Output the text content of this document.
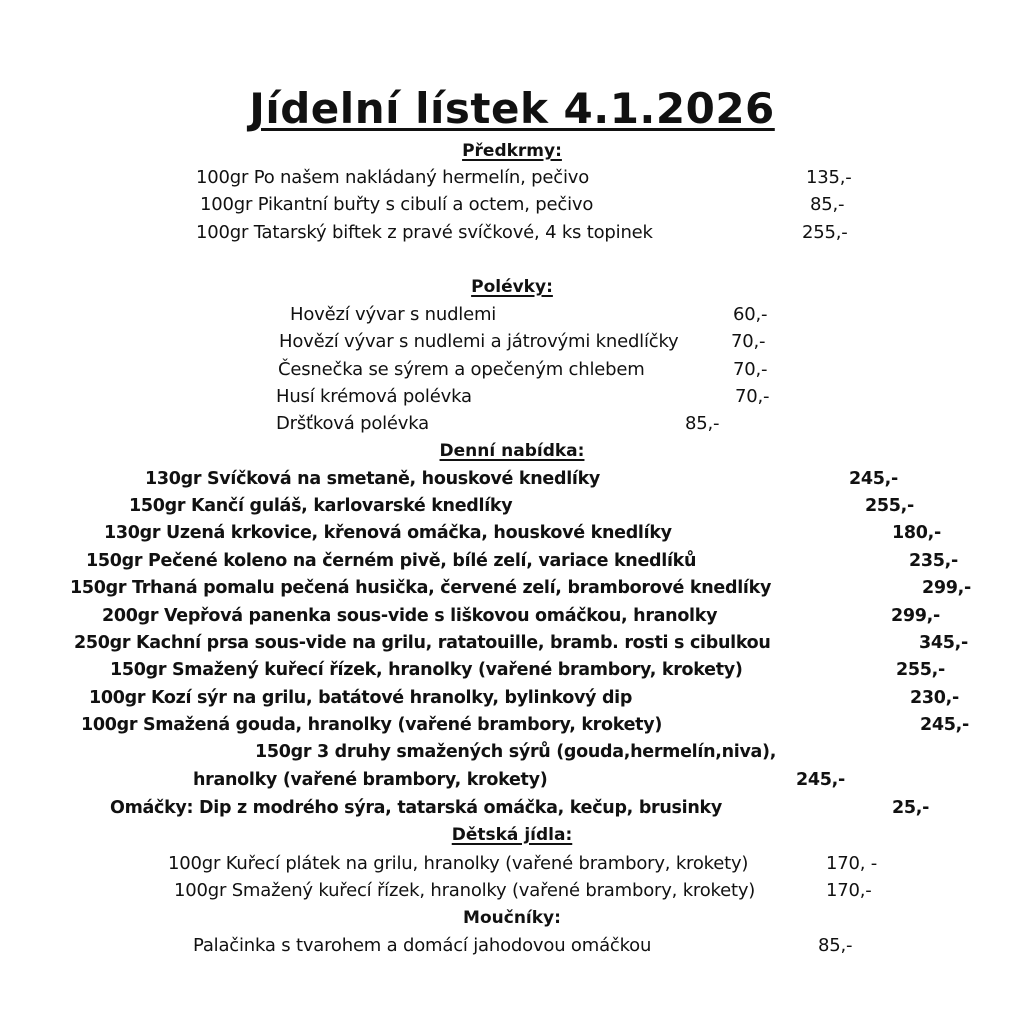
Jídelní lístek 4.1.2026
Předkrmy:
100gr Po našem nakládaný hermelín, pečivo	135,-
100gr Pikantní buřty s cibulí a octem, pečivo	85,-
100gr Tatarský biftek z pravé svíčkové, 4 ks topinek	255,-
Polévky:
Hovězí vývar s nudlemi	60,-
Hovězí vývar s nudlemi a játrovými knedlíčky	70,-
Česnečka se sýrem a opečeným chlebem	70,-
Husí krémová polévka	70,-
Dršťková polévka	85,-
Denní nabídka:
130gr Svíčková na smetaně, houskové knedlíky	245,-
150gr Kančí guláš, karlovarské knedlíky	255,-
130gr Uzená krkovice, křenová omáčka, houskové knedlíky	180,-
150gr Pečené koleno na černém pivě, bílé zelí, variace knedlíků	235,-
150gr Trhaná pomalu pečená husička, červené zelí, bramborové knedlíky	299,-
200gr Vepřová panenka sous-vide s liškovou omáčkou, hranolky	299,-
250gr Kachní prsa sous-vide na grilu, ratatouille, bramb. rosti s cibulkou	345,-
150gr Smažený kuřecí řízek, hranolky (vařené brambory, krokety)	255,-
100gr Kozí sýr na grilu, batátové hranolky, bylinkový dip	230,-
100gr Smažená gouda, hranolky (vařené brambory, krokety)	245,-
150gr 3 druhy smažených sýrů (gouda,hermelín,niva),
hranolky (vařené brambory, krokety)	245,-
Omáčky: Dip z modrého sýra, tatarská omáčka, kečup, brusinky	25,-
Dětská jídla:
100gr Kuřecí plátek na grilu, hranolky (vařené brambory, krokety)	170, -
100gr Smažený kuřecí řízek, hranolky (vařené brambory, krokety)	170,-
Moučníky:
Palačinka s tvarohem a domácí jahodovou omáčkou	85,-
